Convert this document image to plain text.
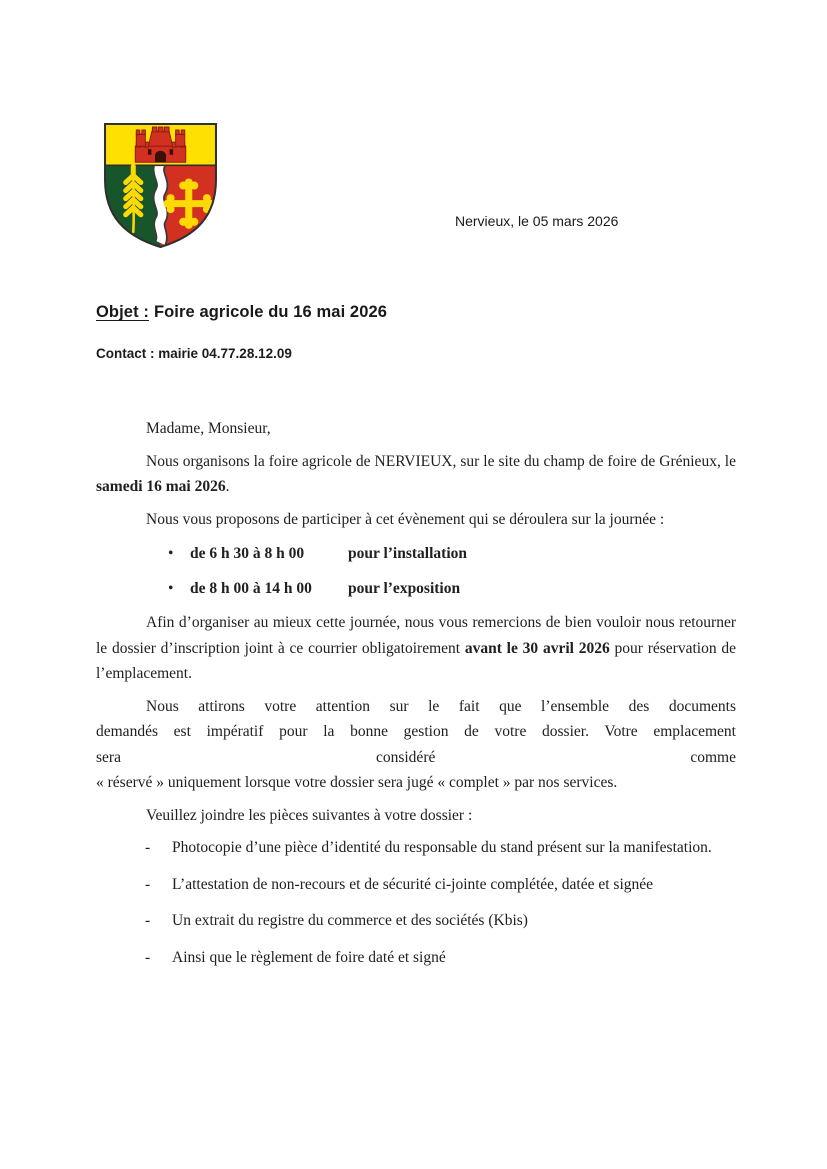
Nervieux, le 05 mars 2026
Objet : Foire agricole du 16 mai 2026
Contact : mairie 04.77.28.12.09

Madame, Monsieur,

Nous organisons la foire agricole de NERVIEUX, sur le site du champ de foire de Grénieux, le samedi 16 mai 2026.

Nous vous proposons de participer à cet évènement qui se déroulera sur la journée :

•	de 6 h 30 à 8 h 00	pour l’installation
•	de 8 h 00 à 14 h 00	pour l’exposition

Afin d’organiser au mieux cette journée, nous vous remercions de bien vouloir nous retourner le dossier d’inscription joint à ce courrier obligatoirement avant le 30 avril 2026 pour réservation de l’emplacement.

Nous attirons votre attention sur le fait que l’ensemble des documents
demandés est impératif pour la bonne gestion de votre dossier. Votre emplacement
sera	considéré	comme
« réservé » uniquement lorsque votre dossier sera jugé « complet » par nos services.

Veuillez joindre les pièces suivantes à votre dossier :

-	Photocopie d’une pièce d’identité du responsable du stand présent sur la manifestation.
-	L’attestation de non-recours et de sécurité ci-jointe complétée, datée et signée
-	Un extrait du registre du commerce et des sociétés (Kbis)
-	Ainsi que le règlement de foire daté et signé
